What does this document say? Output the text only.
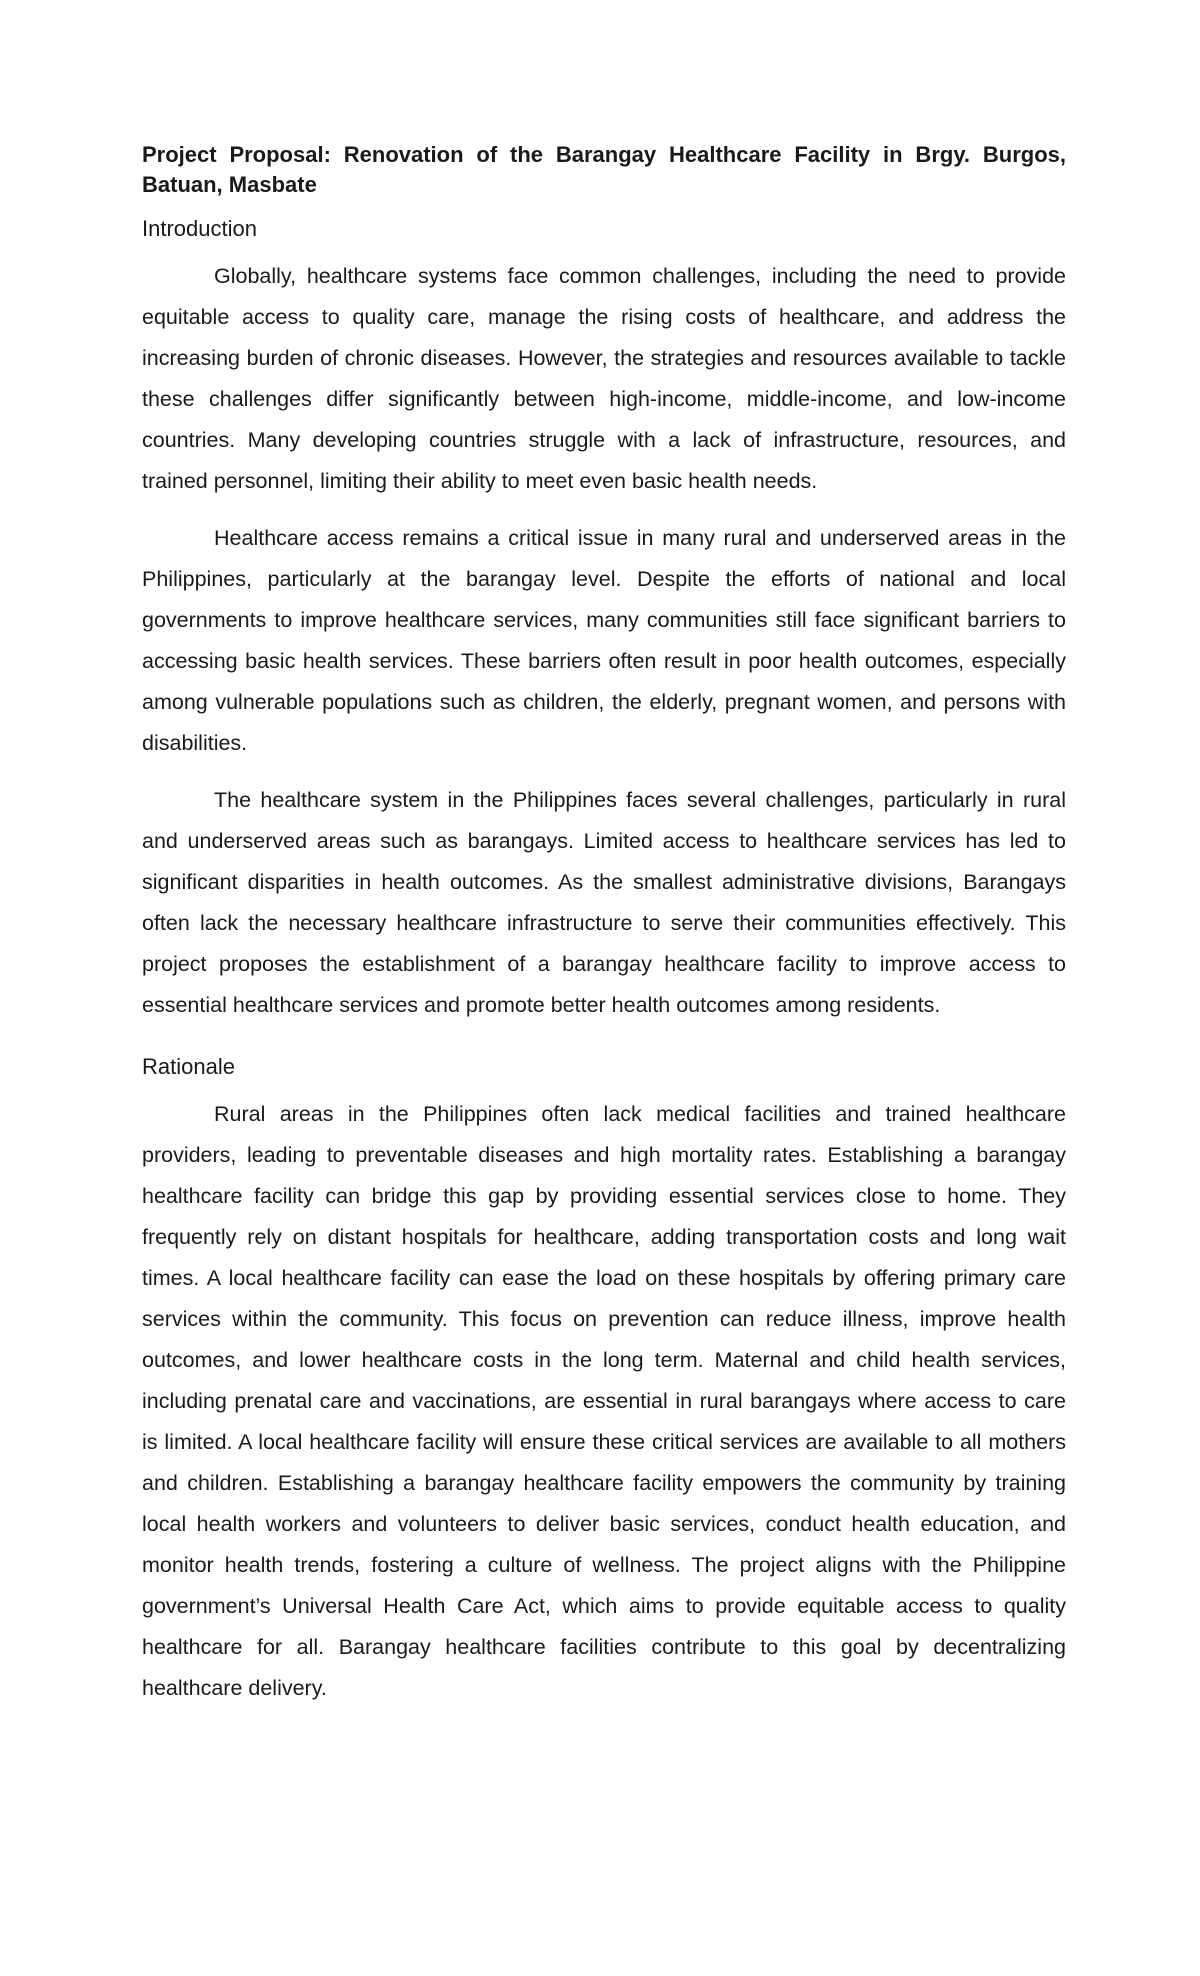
Project Proposal: Renovation of the Barangay Healthcare Facility in Brgy. Burgos, Batuan, Masbate
Introduction

Globally, healthcare systems face common challenges, including the need to provide equitable access to quality care, manage the rising costs of healthcare, and address the increasing burden of chronic diseases. However, the strategies and resources available to tackle these challenges differ significantly between high-income, middle-income, and low-income countries. Many developing countries struggle with a lack of infrastructure, resources, and trained personnel, limiting their ability to meet even basic health needs.

Healthcare access remains a critical issue in many rural and underserved areas in the Philippines, particularly at the barangay level. Despite the efforts of national and local governments to improve healthcare services, many communities still face significant barriers to accessing basic health services. These barriers often result in poor health outcomes, especially among vulnerable populations such as children, the elderly, pregnant women, and persons with disabilities.

The healthcare system in the Philippines faces several challenges, particularly in rural and underserved areas such as barangays. Limited access to healthcare services has led to significant disparities in health outcomes. As the smallest administrative divisions, Barangays often lack the necessary healthcare infrastructure to serve their communities effectively. This project proposes the establishment of a barangay healthcare facility to improve access to essential healthcare services and promote better health outcomes among residents.

Rationale

Rural areas in the Philippines often lack medical facilities and trained healthcare providers, leading to preventable diseases and high mortality rates. Establishing a barangay healthcare facility can bridge this gap by providing essential services close to home. They frequently rely on distant hospitals for healthcare, adding transportation costs and long wait times. A local healthcare facility can ease the load on these hospitals by offering primary care services within the community. This focus on prevention can reduce illness, improve health outcomes, and lower healthcare costs in the long term. Maternal and child health services, including prenatal care and vaccinations, are essential in rural barangays where access to care is limited. A local healthcare facility will ensure these critical services are available to all mothers and children. Establishing a barangay healthcare facility empowers the community by training local health workers and volunteers to deliver basic services, conduct health education, and monitor health trends, fostering a culture of wellness. The project aligns with the Philippine government’s Universal Health Care Act, which aims to provide equitable access to quality healthcare for all. Barangay healthcare facilities contribute to this goal by decentralizing healthcare delivery.
